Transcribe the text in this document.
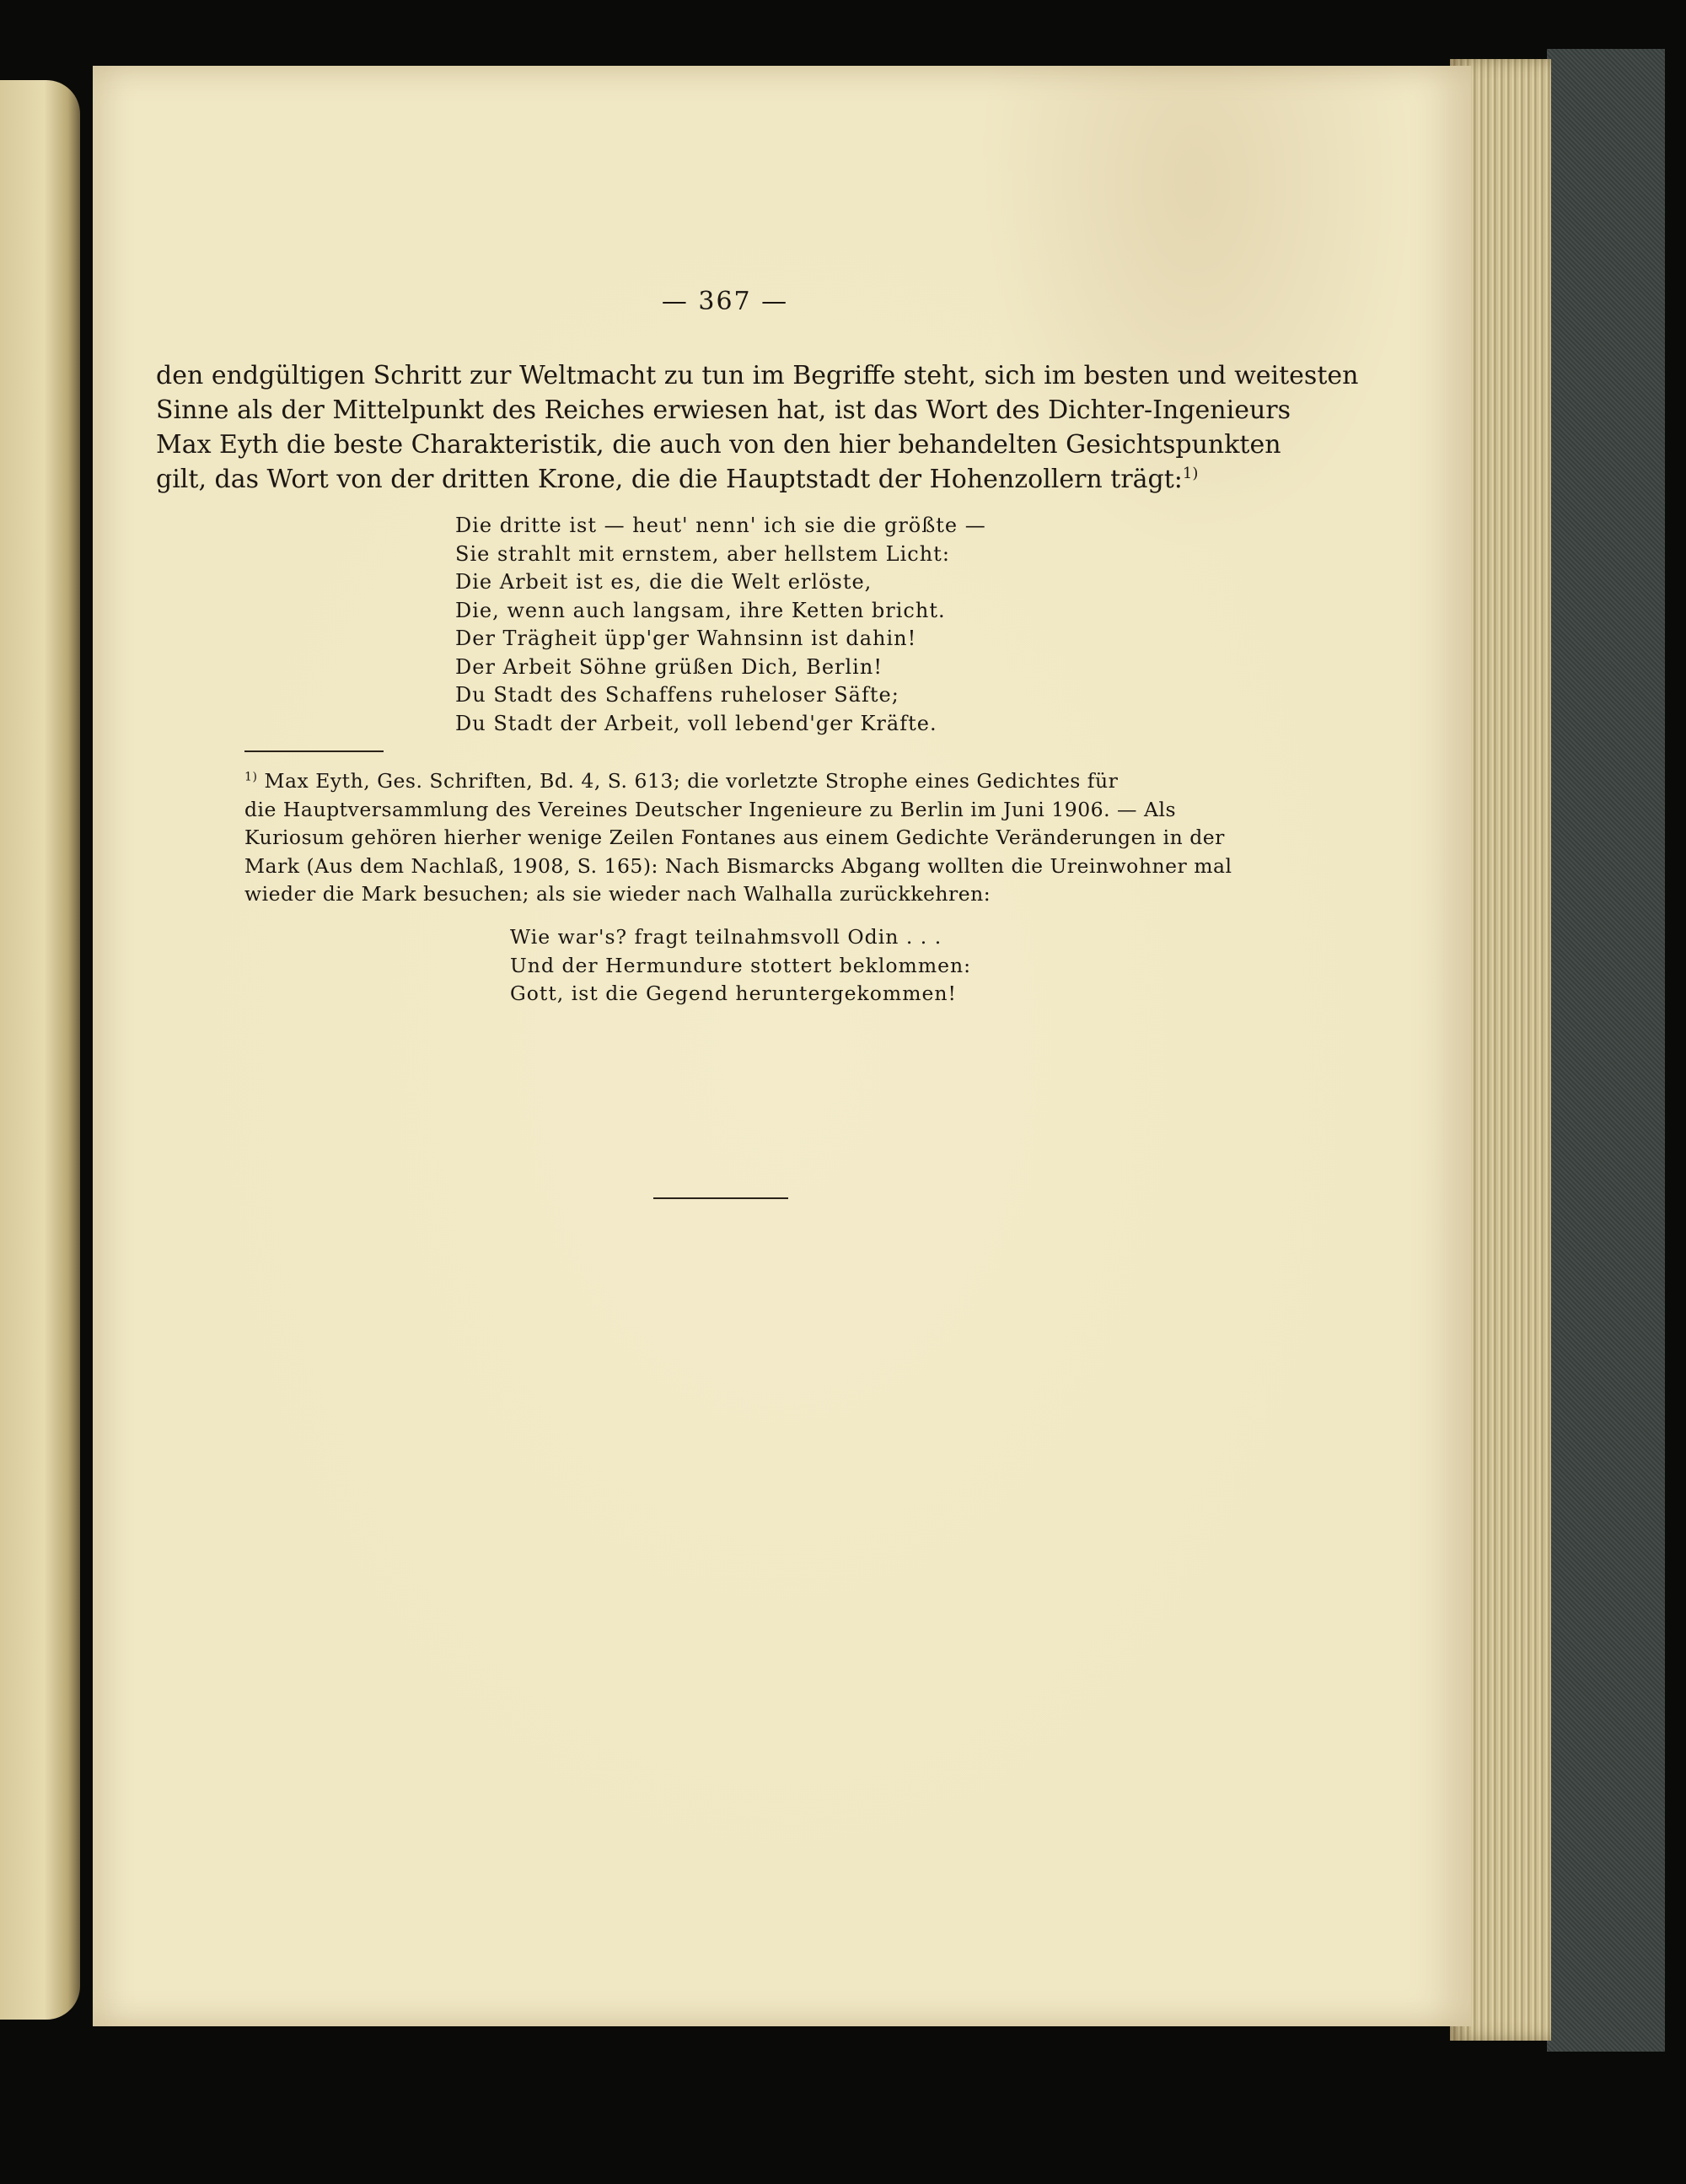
— 367 —

den endgültigen Schritt zur Weltmacht zu tun im Begriffe steht, sich im besten und weitesten
Sinne als der Mittelpunkt des Reiches erwiesen hat, ist das Wort des Dichter-Ingenieurs
Max Eyth die beste Charakteristik, die auch von den hier behandelten Gesichtspunkten
gilt, das Wort von der dritten Krone, die die Hauptstadt der Hohenzollern trägt:$^{1)}$

Die dritte ist — heut' nenn' ich sie die größte —
Sie strahlt mit ernstem, aber hellstem Licht:
Die Arbeit ist es, die die Welt erlöste,
Die, wenn auch langsam, ihre Ketten bricht.
Der Trägheit üpp'ger Wahnsinn ist dahin!
Der Arbeit Söhne grüßen Dich, Berlin!
Du Stadt des Schaffens ruheloser Säfte;
Du Stadt der Arbeit, voll lebend'ger Kräfte.
$^{1)}$ Max Eyth, Ges. Schriften, Bd. 4, S. 613; die vorletzte Strophe eines Gedichtes für
die Hauptversammlung des Vereines Deutscher Ingenieure zu Berlin im Juni 1906. — Als
Kuriosum gehören hierher wenige Zeilen Fontanes aus einem Gedichte Veränderungen in der
Mark (Aus dem Nachlaß, 1908, S. 165): Nach Bismarcks Abgang wollten die Ureinwohner mal
wieder die Mark besuchen; als sie wieder nach Walhalla zurückkehren:
Wie war's? fragt teilnahmsvoll Odin . . .
Und der Hermundure stottert beklommen:
Gott, ist die Gegend heruntergekommen!
